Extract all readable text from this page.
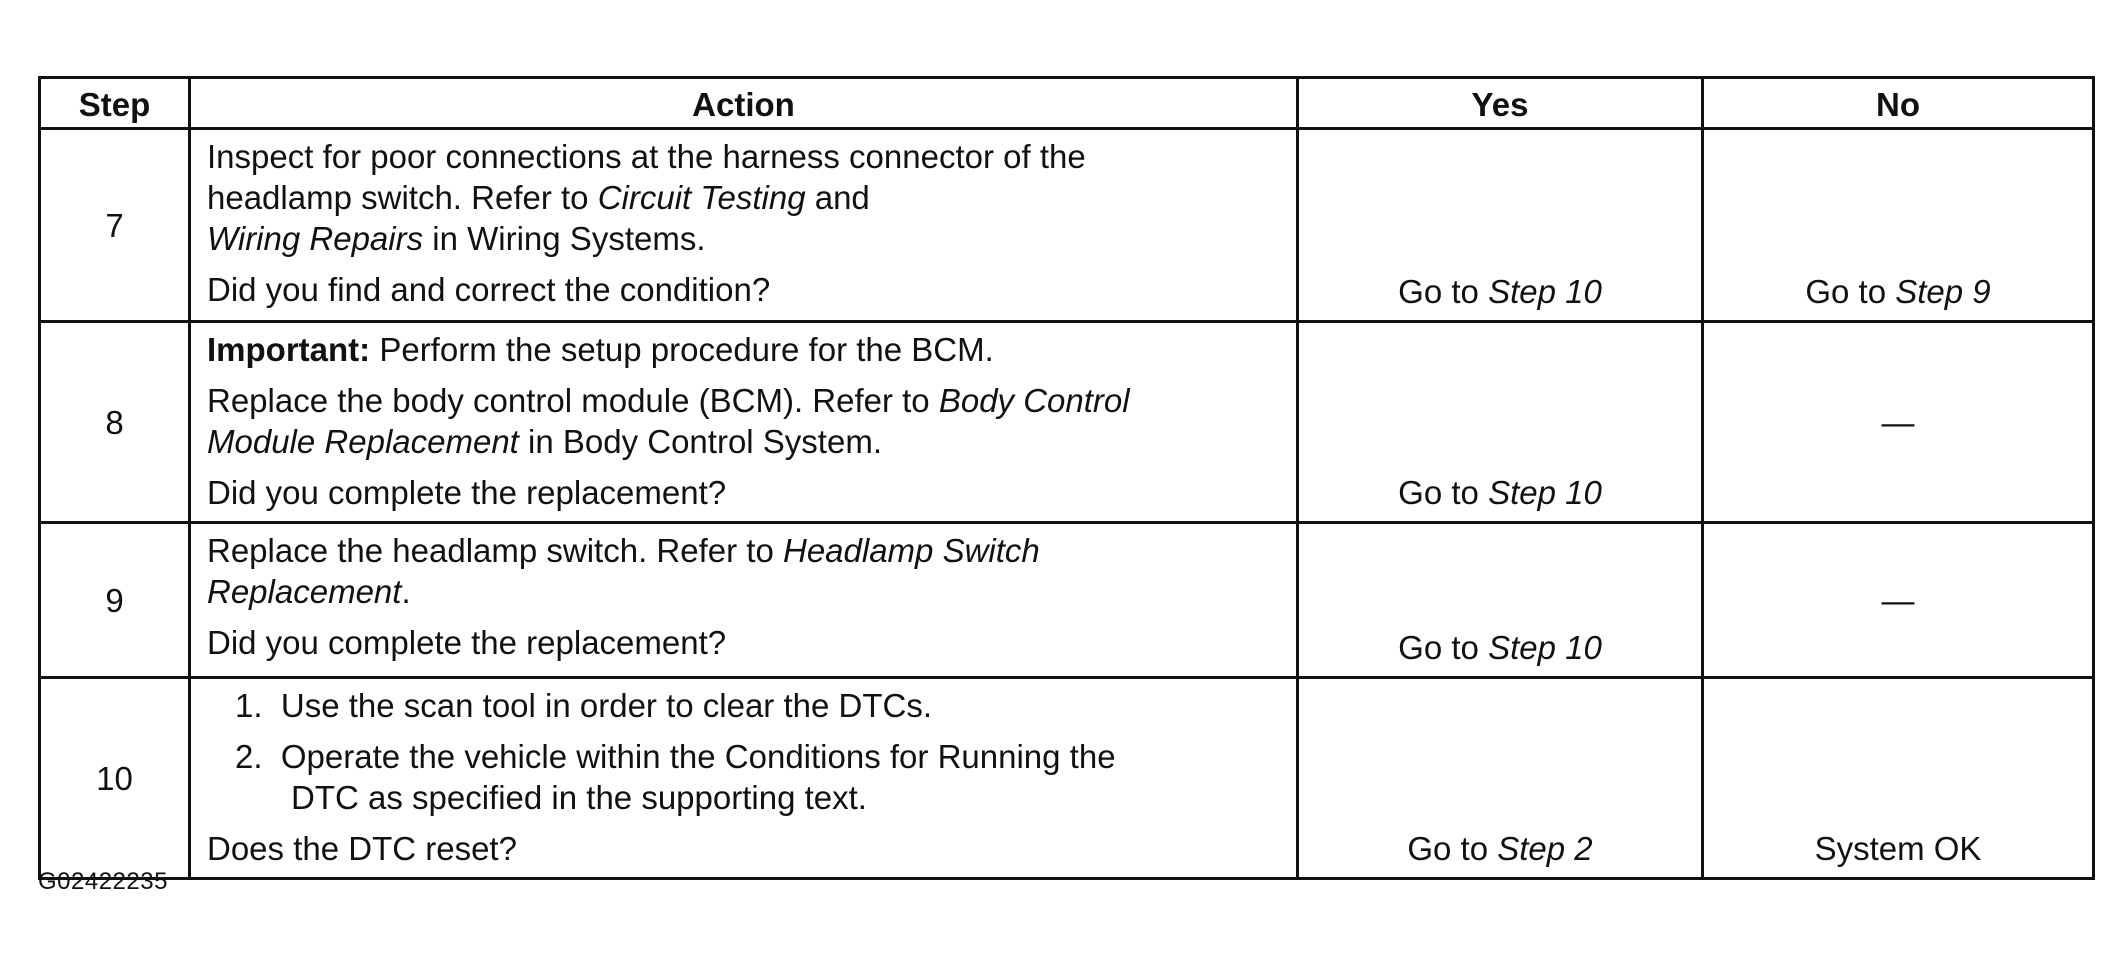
Step	Action	Yes	No
7	Inspect for poor connections at the harness connector of the
headlamp switch. Refer to Circuit Testing and
Wiring Repairs in Wiring Systems.
Did you find and correct the condition?	Go to Step 10	Go to Step 9
8	Important: Perform the setup procedure for the BCM.
Replace the body control module (BCM). Refer to Body Control
Module Replacement in Body Control System.
Did you complete the replacement?	Go to Step 10	—
9	Replace the headlamp switch. Refer to Headlamp Switch
Replacement.
Did you complete the replacement?	Go to Step 10	—
10	1. Use the scan tool in order to clear the DTCs.
2. Operate the vehicle within the Conditions for Running the
DTC as specified in the supporting text.
Does the DTC reset?	Go to Step 2	System OK
G02422235
